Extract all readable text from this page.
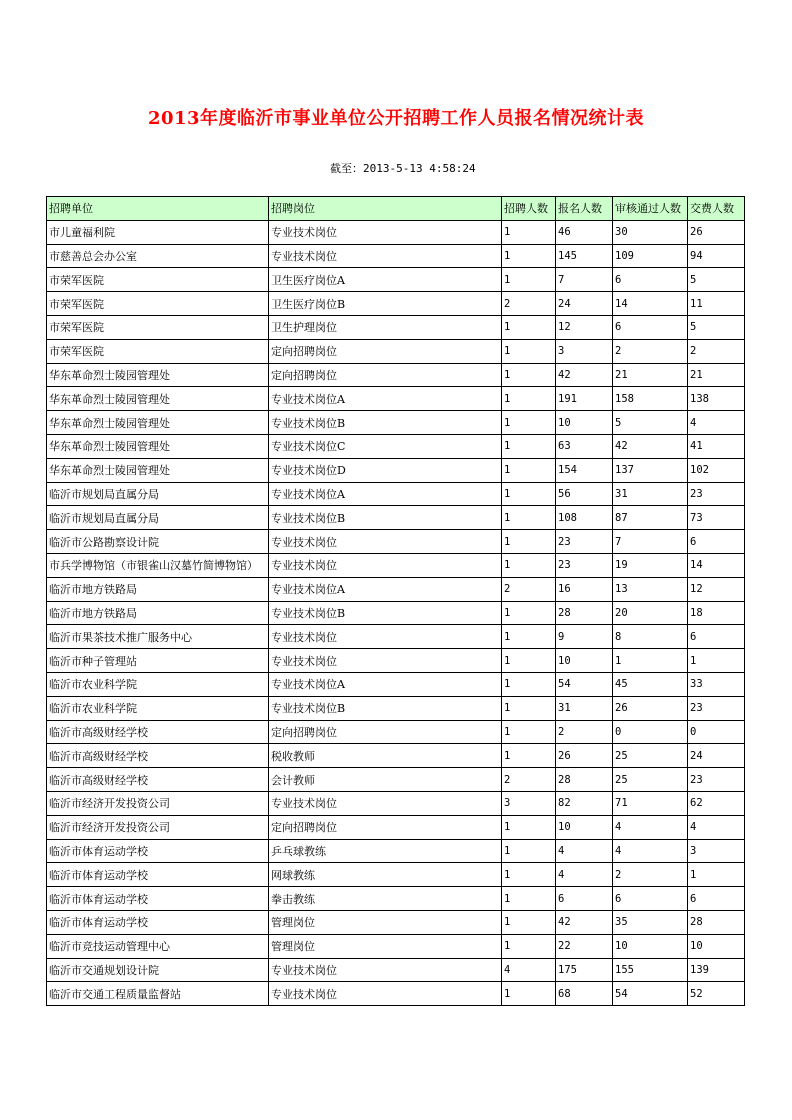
2013年度临沂市事业单位公开招聘工作人员报名情况统计表
截至：2013-5-13 4:58:24
招聘单位	招聘岗位	招聘人数	报名人数	审核通过人数	交费人数
市儿童福利院	专业技术岗位	1	46	30	26
市慈善总会办公室	专业技术岗位	1	145	109	94
市荣军医院	卫生医疗岗位A	1	7	6	5
市荣军医院	卫生医疗岗位B	2	24	14	11
市荣军医院	卫生护理岗位	1	12	6	5
市荣军医院	定向招聘岗位	1	3	2	2
华东革命烈士陵园管理处	定向招聘岗位	1	42	21	21
华东革命烈士陵园管理处	专业技术岗位A	1	191	158	138
华东革命烈士陵园管理处	专业技术岗位B	1	10	5	4
华东革命烈士陵园管理处	专业技术岗位C	1	63	42	41
华东革命烈士陵园管理处	专业技术岗位D	1	154	137	102
临沂市规划局直属分局	专业技术岗位A	1	56	31	23
临沂市规划局直属分局	专业技术岗位B	1	108	87	73
临沂市公路勘察设计院	专业技术岗位	1	23	7	6
市兵学博物馆（市银雀山汉墓竹简博物馆）	专业技术岗位	1	23	19	14
临沂市地方铁路局	专业技术岗位A	2	16	13	12
临沂市地方铁路局	专业技术岗位B	1	28	20	18
临沂市果茶技术推广服务中心	专业技术岗位	1	9	8	6
临沂市种子管理站	专业技术岗位	1	10	1	1
临沂市农业科学院	专业技术岗位A	1	54	45	33
临沂市农业科学院	专业技术岗位B	1	31	26	23
临沂市高级财经学校	定向招聘岗位	1	2	0	0
临沂市高级财经学校	税收教师	1	26	25	24
临沂市高级财经学校	会计教师	2	28	25	23
临沂市经济开发投资公司	专业技术岗位	3	82	71	62
临沂市经济开发投资公司	定向招聘岗位	1	10	4	4
临沂市体育运动学校	乒乓球教练	1	4	4	3
临沂市体育运动学校	网球教练	1	4	2	1
临沂市体育运动学校	拳击教练	1	6	6	6
临沂市体育运动学校	管理岗位	1	42	35	28
临沂市竞技运动管理中心	管理岗位	1	22	10	10
临沂市交通规划设计院	专业技术岗位	4	175	155	139
临沂市交通工程质量监督站	专业技术岗位	1	68	54	52
